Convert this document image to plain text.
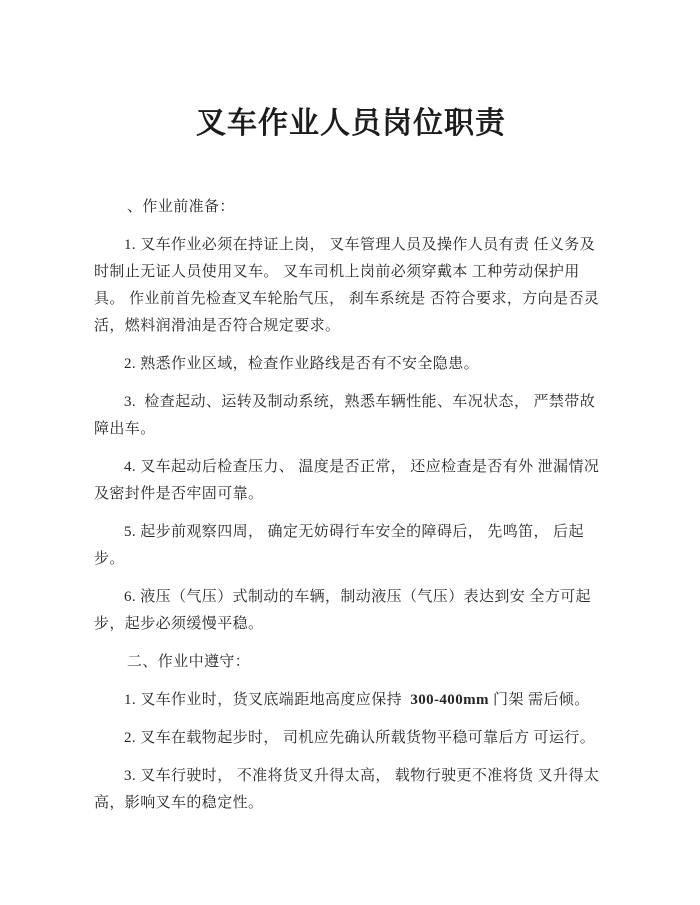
叉车作业人员岗位职责

、作业前准备：

1. 叉车作业必须在持证上岗， 叉车管理人员及操作人员有责 任义务及时制止无证人员使用叉车。 叉车司机上岗前必须穿戴本 工种劳动保护用具。 作业前首先检查叉车轮胎气压， 刹车系统是 否符合要求，方向是否灵活，燃料润滑油是否符合规定要求。

2. 熟悉作业区域，检查作业路线是否有不安全隐患。

3.  检查起动、运转及制动系统，熟悉车辆性能、车况状态， 严禁带故障出车。

4. 叉车起动后检查压力、 温度是否正常， 还应检查是否有外 泄漏情况及密封件是否牢固可靠。

5. 起步前观察四周， 确定无妨碍行车安全的障碍后， 先鸣笛， 后起步。

6. 液压（气压）式制动的车辆，制动液压（气压）表达到安 全方可起步，起步必须缓慢平稳。

二、作业中遵守：

1. 叉车作业时，货叉底端距地高度应保持  300-400mm 门架 需后倾。

2. 叉车在载物起步时， 司机应先确认所载货物平稳可靠后方 可运行。

3. 叉车行驶时， 不准将货叉升得太高， 载物行驶更不准将货 叉升得太高，影响叉车的稳定性。
